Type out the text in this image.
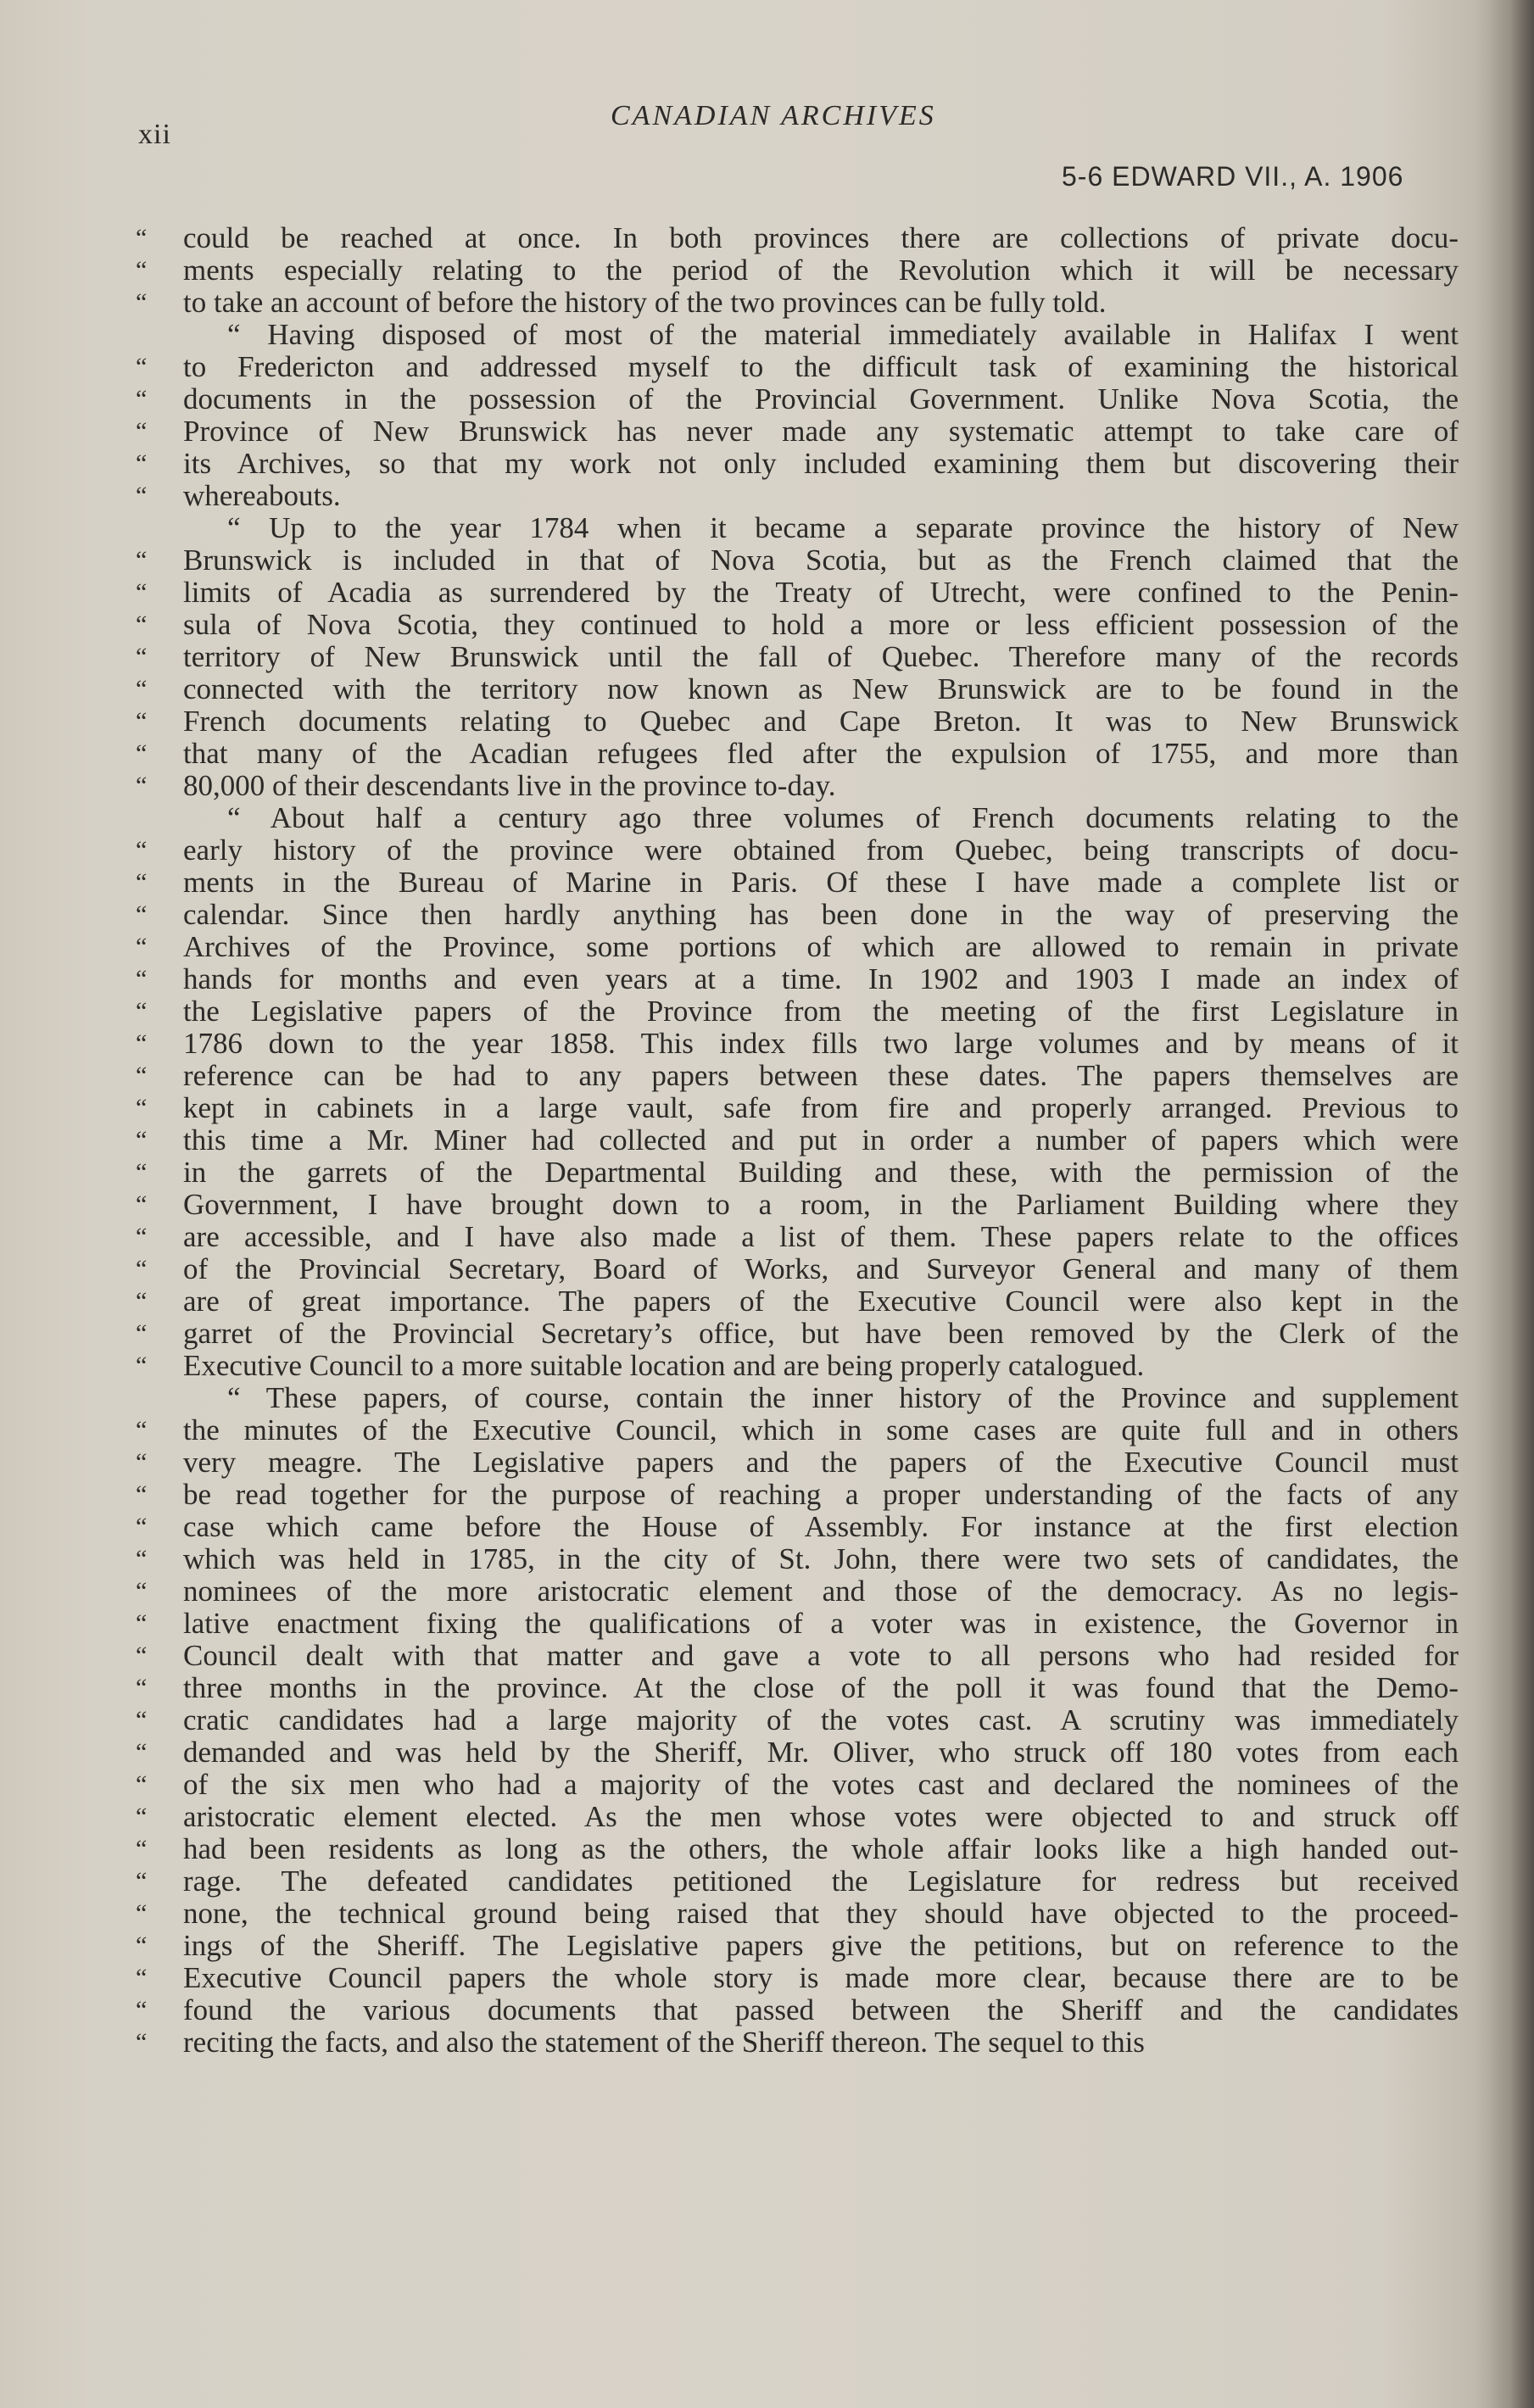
xii
CANADIAN ARCHIVES
5-6 EDWARD VII., A. 1906
“	could be reached at once. In both provinces there are collections of private docu-
“	ments especially relating to the period of the Revolution which it will be necessary
“	to take an account of before the history of the two provinces can be fully told.
“ Having disposed of most of the material immediately available in Halifax I went
“	to Fredericton and addressed myself to the difficult task of examining the historical
“	documents in the possession of the Provincial Government. Unlike Nova Scotia, the
“	Province of New Brunswick has never made any systematic attempt to take care of
“	its Archives, so that my work not only included examining them but discovering their
“	whereabouts.
“ Up to the year 1784 when it became a separate province the history of New
“	Brunswick is included in that of Nova Scotia, but as the French claimed that the
“	limits of Acadia as surrendered by the Treaty of Utrecht, were confined to the Penin-
“	sula of Nova Scotia, they continued to hold a more or less efficient possession of the
“	territory of New Brunswick until the fall of Quebec. Therefore many of the records
“	connected with the territory now known as New Brunswick are to be found in the
“	French documents relating to Quebec and Cape Breton. It was to New Brunswick
“	that many of the Acadian refugees fled after the expulsion of 1755, and more than
“	80,000 of their descendants live in the province to-day.
“ About half a century ago three volumes of French documents relating to the
“	early history of the province were obtained from Quebec, being transcripts of docu-
“	ments in the Bureau of Marine in Paris. Of these I have made a complete list or
“	calendar. Since then hardly anything has been done in the way of preserving the
“	Archives of the Province, some portions of which are allowed to remain in private
“	hands for months and even years at a time. In 1902 and 1903 I made an index of
“	the Legislative papers of the Province from the meeting of the first Legislature in
“	1786 down to the year 1858. This index fills two large volumes and by means of it
“	reference can be had to any papers between these dates. The papers themselves are
“	kept in cabinets in a large vault, safe from fire and properly arranged. Previous to
“	this time a Mr. Miner had collected and put in order a number of papers which were
“	in the garrets of the Departmental Building and these, with the permission of the
“	Government, I have brought down to a room, in the Parliament Building where they
“	are accessible, and I have also made a list of them. These papers relate to the offices
“	of the Provincial Secretary, Board of Works, and Surveyor General and many of them
“	are of great importance. The papers of the Executive Council were also kept in the
“	garret of the Provincial Secretary’s office, but have been removed by the Clerk of the
“	Executive Council to a more suitable location and are being properly catalogued.
“ These papers, of course, contain the inner history of the Province and supplement
“	the minutes of the Executive Council, which in some cases are quite full and in others
“	very meagre. The Legislative papers and the papers of the Executive Council must
“	be read together for the purpose of reaching a proper understanding of the facts of any
“	case which came before the House of Assembly. For instance at the first election
“	which was held in 1785, in the city of St. John, there were two sets of candidates, the
“	nominees of the more aristocratic element and those of the democracy. As no legis-
“	lative enactment fixing the qualifications of a voter was in existence, the Governor in
“	Council dealt with that matter and gave a vote to all persons who had resided for
“	three months in the province. At the close of the poll it was found that the Demo-
“	cratic candidates had a large majority of the votes cast. A scrutiny was immediately
“	demanded and was held by the Sheriff, Mr. Oliver, who struck off 180 votes from each
“	of the six men who had a majority of the votes cast and declared the nominees of the
“	aristocratic element elected. As the men whose votes were objected to and struck off
“	had been residents as long as the others, the whole affair looks like a high handed out-
“	rage. The defeated candidates petitioned the Legislature for redress but received
“	none, the technical ground being raised that they should have objected to the proceed-
“	ings of the Sheriff. The Legislative papers give the petitions, but on reference to the
“	Executive Council papers the whole story is made more clear, because there are to be
“	found the various documents that passed between the Sheriff and the candidates
“	reciting the facts, and also the statement of the Sheriff thereon. The sequel to this
